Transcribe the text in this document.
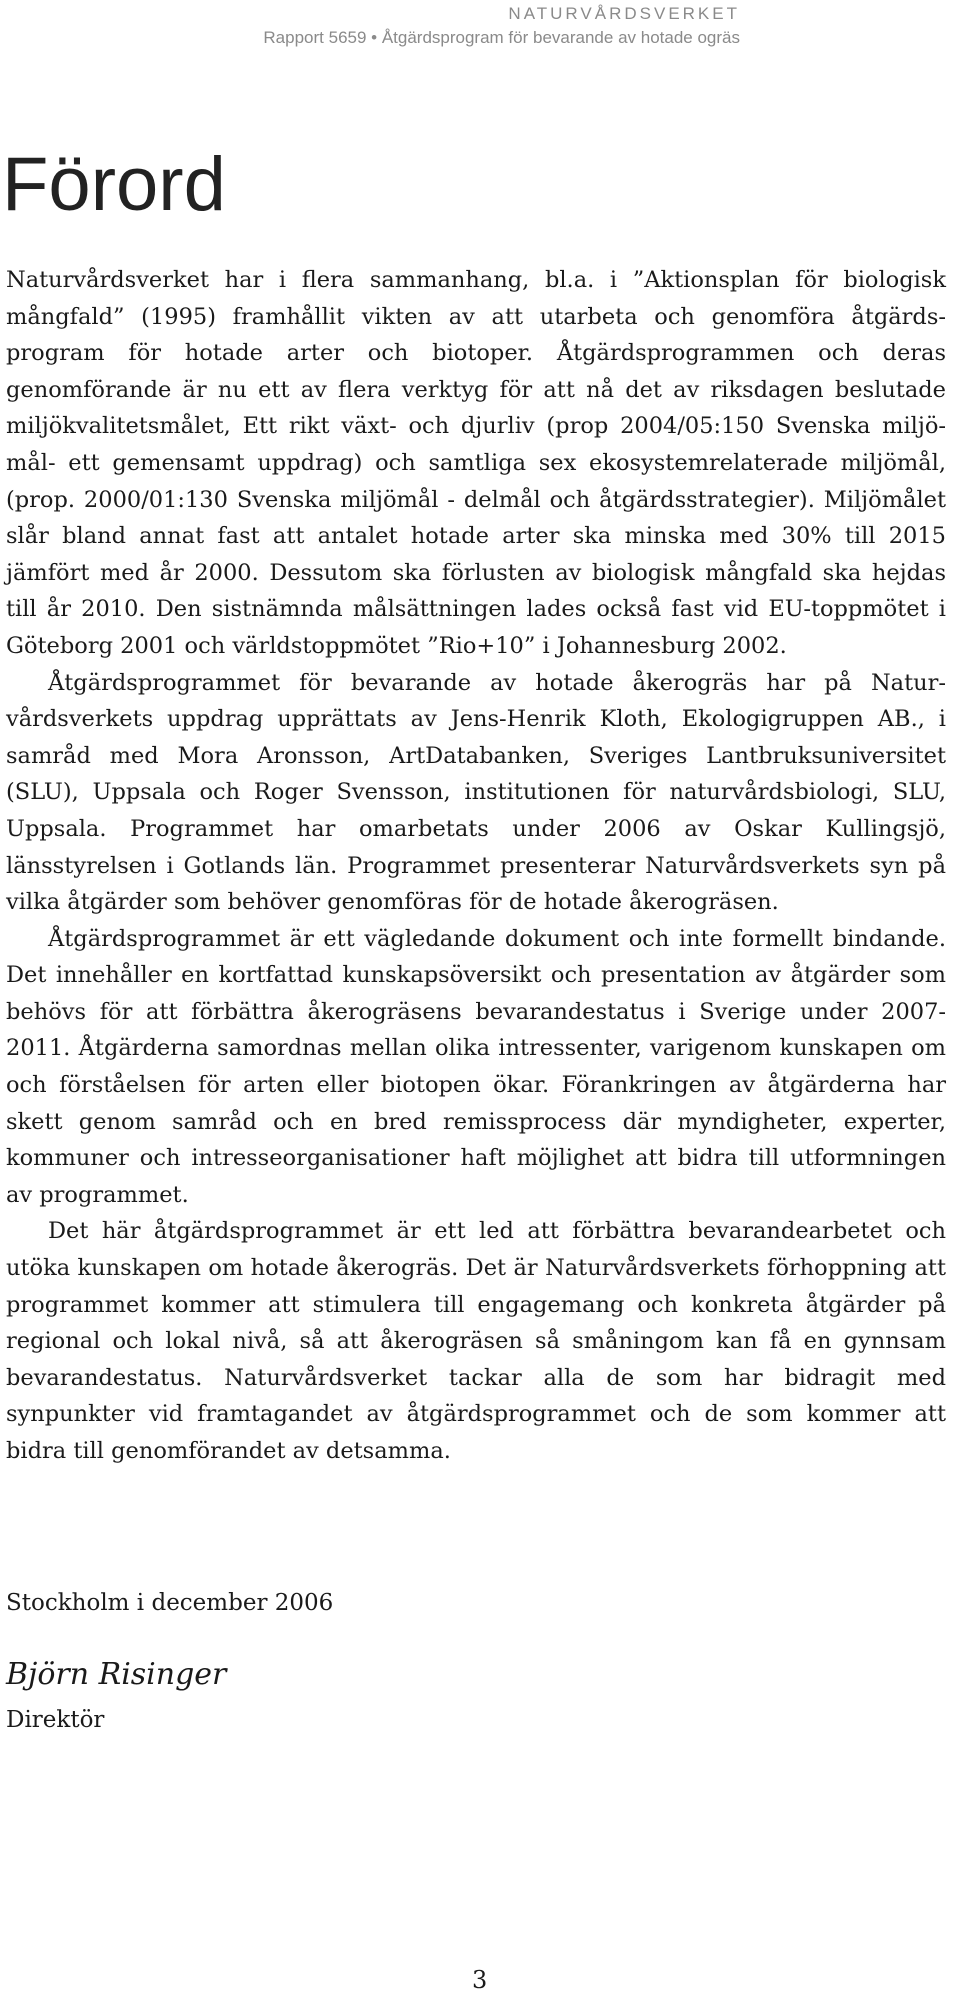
NATURVÅRDSVERKET
Rapport 5659 • Åtgärdsprogram för bevarande av hotade ogräs
Förord

Naturvårdsverket har i flera sammanhang, bl.a. i ”Aktionsplan för biologisk mångfald” (1995) framhållit vikten av att utarbeta och genomföra åtgärdsprogram för hotade arter och biotoper. Åtgärdsprogrammen och deras genomförande är nu ett av flera verktyg för att nå det av riksdagen beslutade miljökvalitetsmålet, Ett rikt växt- och djurliv (prop 2004/05:150 Svenska miljömål- ett gemensamt uppdrag) och samtliga sex ekosystemrelaterade miljömål, (prop. 2000/01:130 Svenska miljömål - delmål och åtgärdsstrategier). Miljömålet slår bland annat fast att antalet hotade arter ska minska med 30% till 2015 jämfört med år 2000. Dessutom ska förlusten av biologisk mångfald ska hejdas till år 2010. Den sistnämnda målsättningen lades också fast vid EU-toppmötet i Göteborg 2001 och världstoppmötet ”Rio+10” i Johannesburg 2002.

Åtgärdsprogrammet för bevarande av hotade åkerogräs har på Naturvårdsverkets uppdrag upprättats av Jens-Henrik Kloth, Ekologigruppen AB., i samråd med Mora Aronsson, ArtDatabanken, Sveriges Lantbruksuniversitet (SLU), Uppsala och Roger Svensson, institutionen för naturvårdsbiologi, SLU, Uppsala. Programmet har omarbetats under 2006 av Oskar Kullingsjö, länsstyrelsen i Gotlands län. Programmet presenterar Naturvårdsverkets syn på vilka åtgärder som behöver genomföras för de hotade åkerogräsen.

Åtgärdsprogrammet är ett vägledande dokument och inte formellt bindande. Det innehåller en kortfattad kunskapsöversikt och presentation av åtgärder som behövs för att förbättra åkerogräsens bevarandestatus i Sverige under 2007-2011. Åtgärderna samordnas mellan olika intressenter, varigenom kunskapen om och förståelsen för arten eller biotopen ökar. Förankringen av åtgärderna har skett genom samråd och en bred remissprocess där myndigheter, experter, kommuner och intresseorganisationer haft möjlighet att bidra till utformningen av programmet.

Det här åtgärdsprogrammet är ett led att förbättra bevarandearbetet och utöka kunskapen om hotade åkerogräs. Det är Naturvårdsverkets förhoppning att programmet kommer att stimulera till engagemang och konkreta åtgärder på regional och lokal nivå, så att åkerogräsen så småningom kan få en gynnsam bevarandestatus. Naturvårdsverket tackar alla de som har bidragit med synpunkter vid framtagandet av åtgärdsprogrammet och de som kommer att bidra till genomförandet av detsamma.

Stockholm i december 2006

Björn Risinger

Direktör

3
